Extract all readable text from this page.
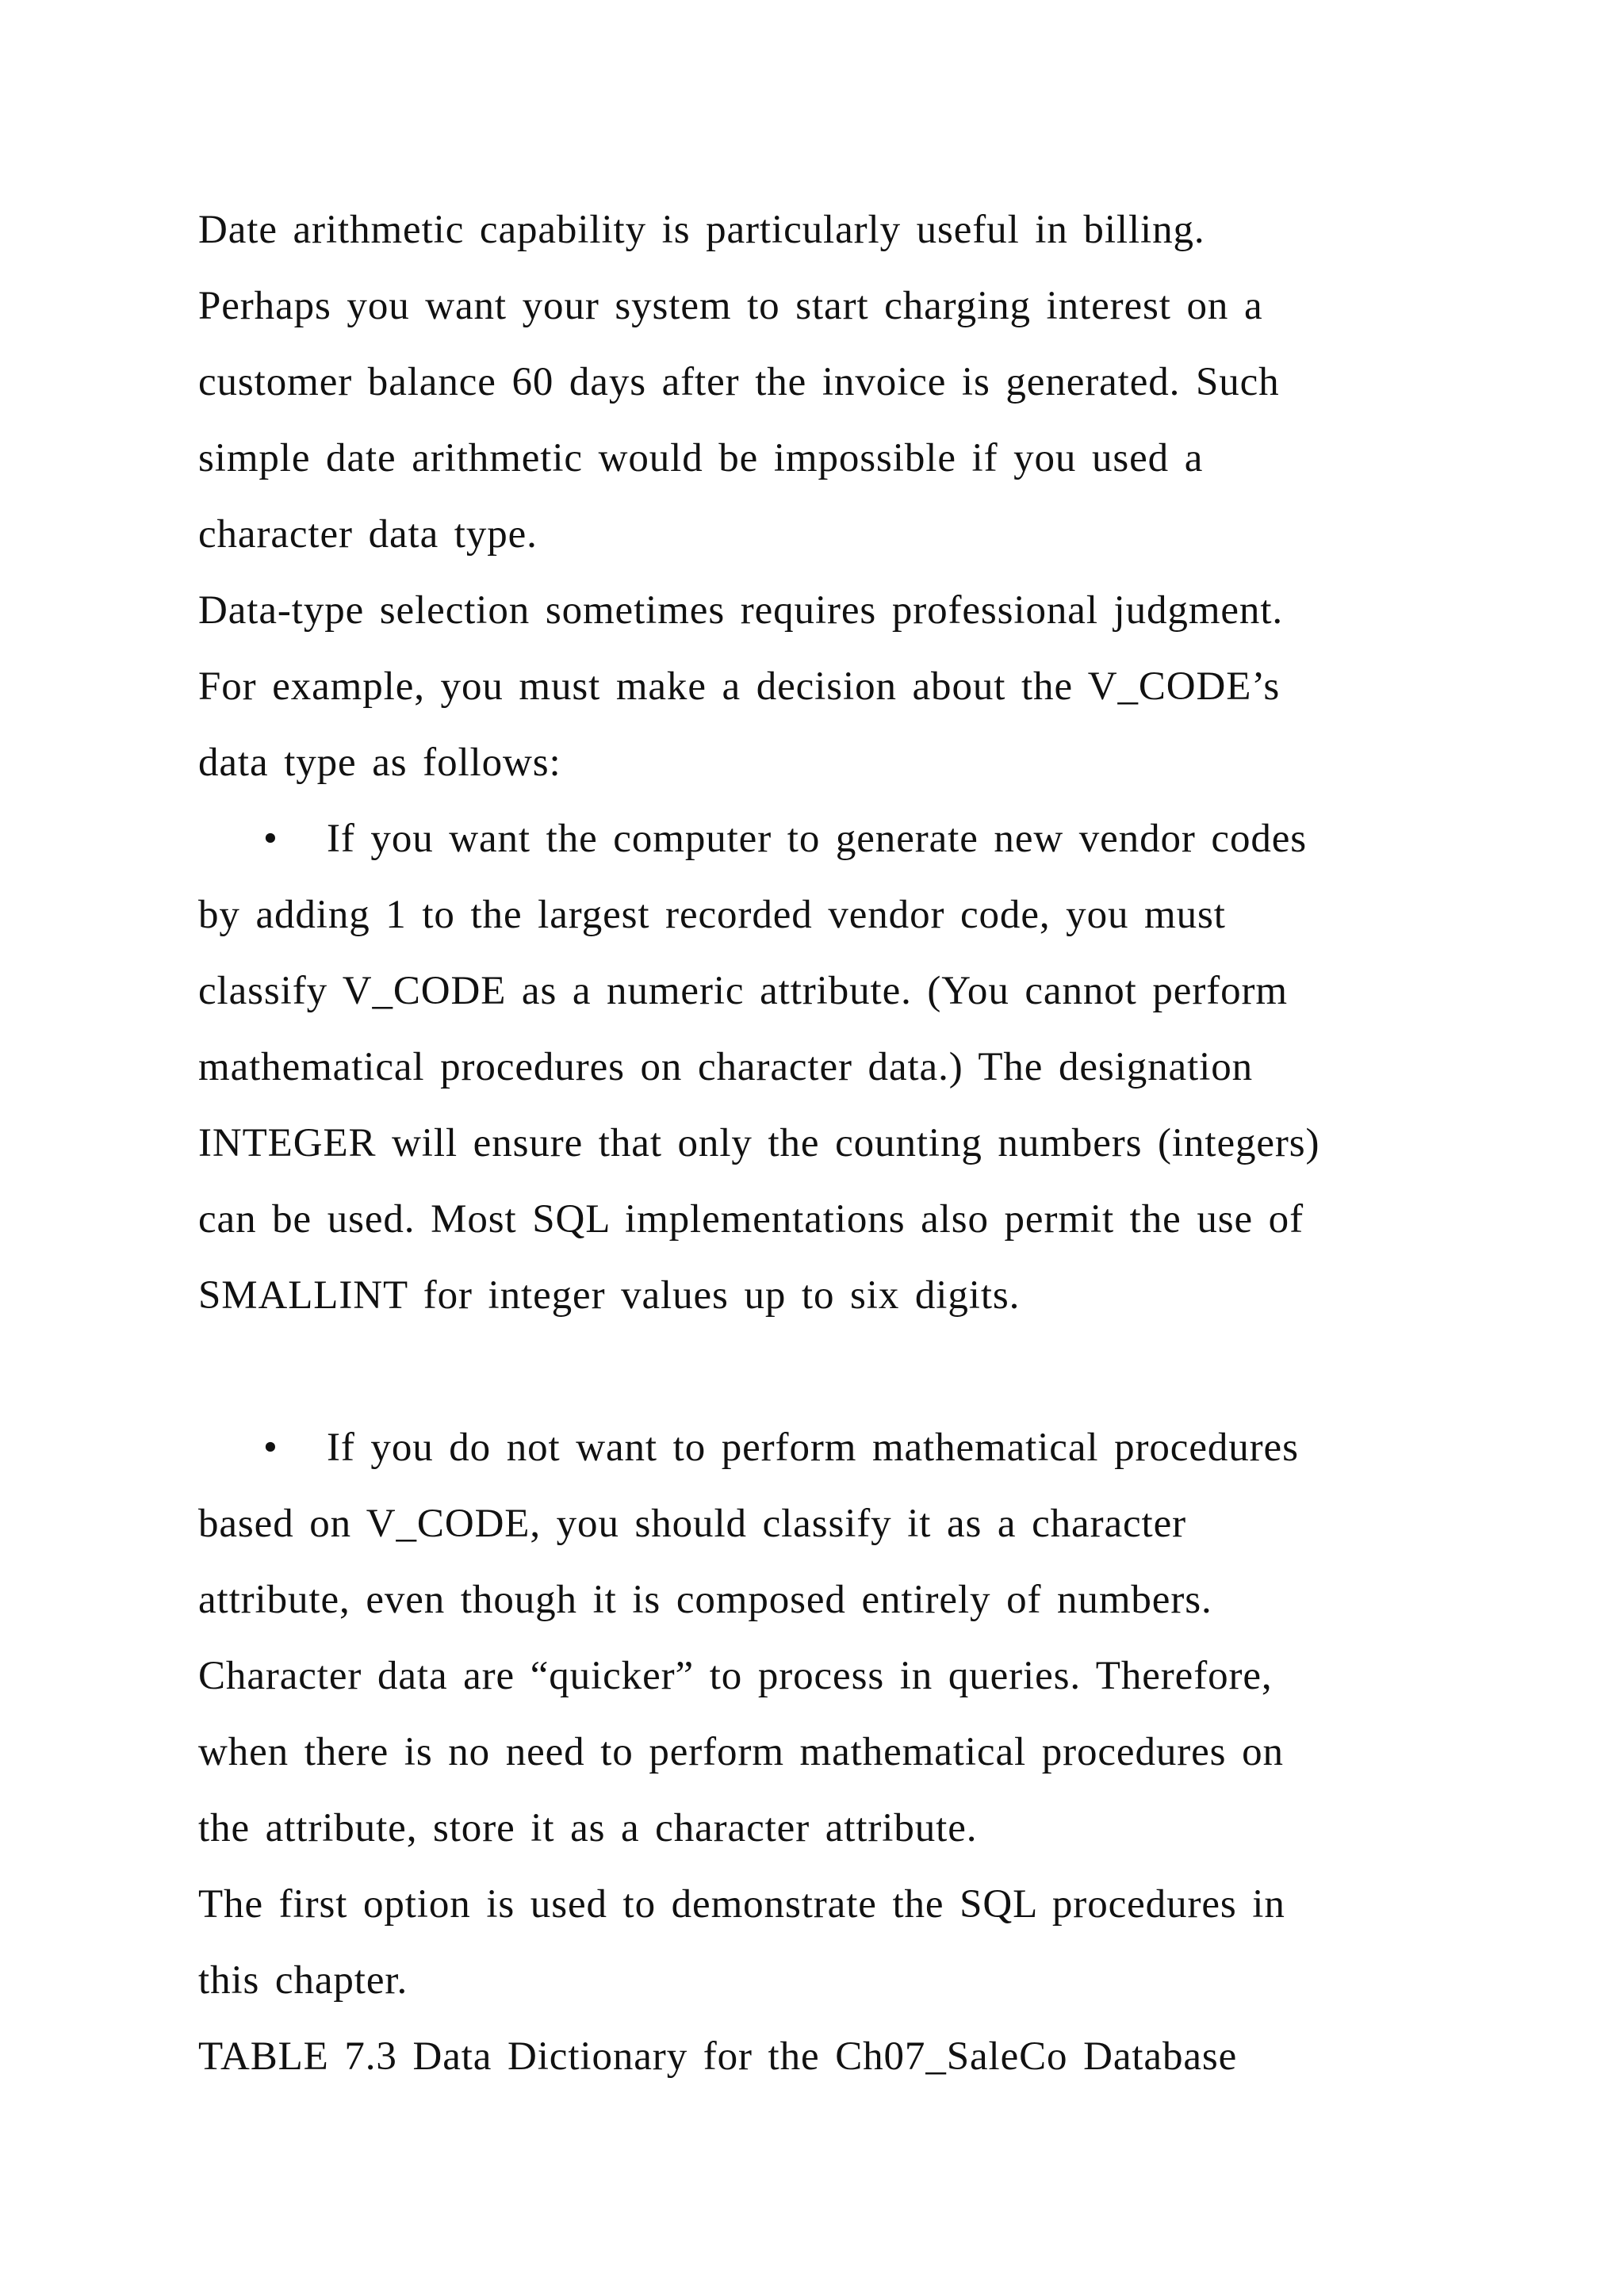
Date arithmetic capability is particularly useful in billing.
Perhaps you want your system to start charging interest on a
customer balance 60 days after the invoice is generated. Such
simple date arithmetic would be impossible if you used a
character data type.
Data-type selection sometimes requires professional judgment.
For example, you must make a decision about the V_CODE’s
data type as follows:
• If you want the computer to generate new vendor codes
by adding 1 to the largest recorded vendor code, you must
classify V_CODE as a numeric attribute. (You cannot perform
mathematical procedures on character data.) The designation
INTEGER will ensure that only the counting numbers (integers)
can be used. Most SQL implementations also permit the use of
SMALLINT for integer values up to six digits.
• If you do not want to perform mathematical procedures
based on V_CODE, you should classify it as a character
attribute, even though it is composed entirely of numbers.
Character data are “quicker” to process in queries. Therefore,
when there is no need to perform mathematical procedures on
the attribute, store it as a character attribute.
The first option is used to demonstrate the SQL procedures in
this chapter.
TABLE 7.3 Data Dictionary for the Ch07_SaleCo Database
